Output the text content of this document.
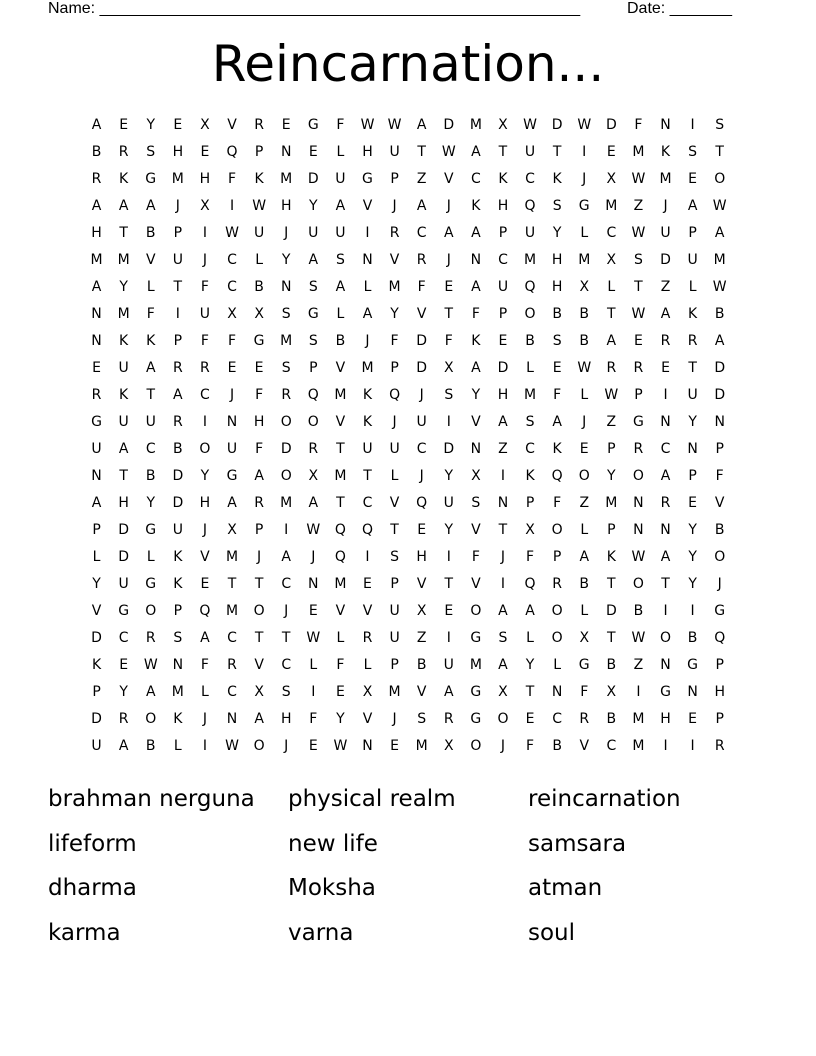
Name: ______________________________________________________	Date: _______
Reincarnation...
A	E	Y	E	X	V	R	E	G	F	W W	A	D	M	X	W	D	W	D	F	N	I	S
B	R	S	H	E	Q	P	N	E	L	H	U	T	W	A	T	U	T	I	E	M	K	S	T
R	K	G	M	H	F	K	M	D	U	G	P	Z	V	C	K	C	K	J	X	W	M	E	O
A	A	A	J	X	I	W	H	Y	A	V	J	A	J	K	H	Q	S	G	M	Z	J	A	W
H	T	B	P	I	W	U	J	U	U	I	R	C	A	A	P	U	Y	L	C	W	U	P	A
M	M	V	U	J	C	L	Y	A	S	N	V	R	J	N	C	M	H	M	X	S	D	U	M
A	Y	L	T	F	C	B	N	S	A	L	M	F	E	A	U	Q	H	X	L	T	Z	L	W
N	M	F	I	U	X	X	S	G	L	A	Y	V	T	F	P	O	B	B	T	W	A	K	B
N	K	K	P	F	F	G	M	S	B	J	F	D	F	K	E	B	S	B	A	E	R	R	A
E	U	A	R	R	E	E	S	P	V	M	P	D	X	A	D	L	E	W	R	R	E	T	D
R	K	T	A	C	J	F	R	Q	M	K	Q	J	S	Y	H	M	F	L	W	P	I	U	D
G	U	U	R	I	N	H	O	O	V	K	J	U	I	V	A	S	A	J	Z	G	N	Y	N
U	A	C	B	O	U	F	D	R	T	U	U	C	D	N	Z	C	K	E	P	R	C	N	P
N	T	B	D	Y	G	A	O	X	M	T	L	J	Y	X	I	K	Q	O	Y	O	A	P	F
A	H	Y	D	H	A	R	M	A	T	C	V	Q	U	S	N	P	F	Z	M	N	R	E	V
P	D	G	U	J	X	P	I	W	Q	Q	T	E	Y	V	T	X	O	L	P	N	N	Y	B
L	D	L	K	V	M	J	A	J	Q	I	S	H	I	F	J	F	P	A	K	W	A	Y	O
Y	U	G	K	E	T	T	C	N	M	E	P	V	T	V	I	Q	R	B	T	O	T	Y	J
V	G	O	P	Q	M	O	J	E	V	V	U	X	E	O	A	A	O	L	D	B	I	I	G
D	C	R	S	A	C	T	T	W	L	R	U	Z	I	G	S	L	O	X	T	W	O	B	Q
K	E	W	N	F	R	V	C	L	F	L	P	B	U	M	A	Y	L	G	B	Z	N	G	P
P	Y	A	M	L	C	X	S	I	E	X	M	V	A	G	X	T	N	F	X	I	G	N	H
D	R	O	K	J	N	A	H	F	Y	V	J	S	R	G	O	E	C	R	B	M	H	E	P
U	A	B	L	I	W	O	J	E	W	N	E	M	X	O	J	F	B	V	C	M	I	I	R
brahman nerguna	physical realm	reincarnation
lifeform	new life	samsara
dharma	Moksha	atman
karma	varna	soul
